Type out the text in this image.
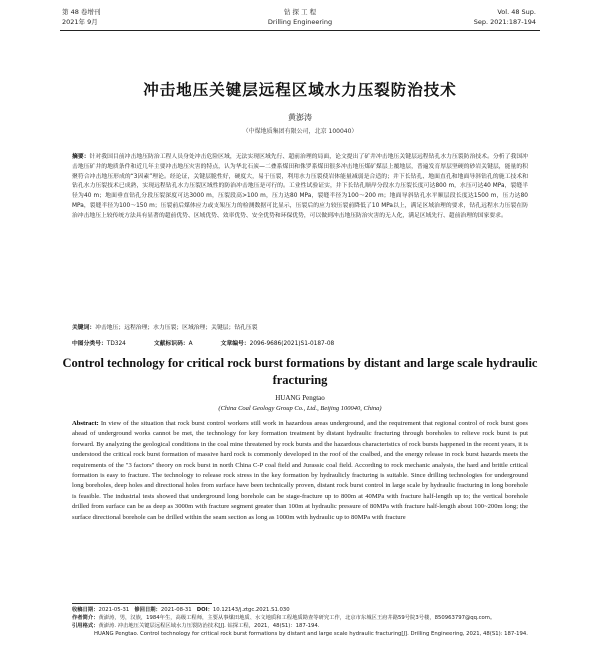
第 48 卷增刊
2021年 9月
钻 探 工 程
Drilling Engineering
Vol. 48 Sup.
Sep. 2021:187-194
冲击地压关键层远程区域水力压裂防治技术
黄澎涛
（中煤地质集团有限公司，北京 100040）
摘要：针对我国目前冲击地压防治工程人员身处冲击危险区域，无法实现区域先行、超前治理的局面，论文提出了矿井冲击地压关键层远程钻孔水力压裂防治技术。分析了我国冲击地压矿井的地质条件和近几年主要冲击地压灾害的特点，认为华北石炭—二叠系煤田和侏罗系煤田很多冲击地压煤矿煤层上覆地层，普遍发育厚层坚硬的砂岩关键层，能量的积聚符合冲击地压形成的“3因素”理论。经论证，关键层脆性好，硬度大，易于压裂，利用水力压裂使岩体能量减弱是合适的；井下长钻孔、地面直孔和地面导斜钻孔的施工技术和钻孔水力压裂技术已成熟，实现远程钻孔水力压裂区域性的防治冲击地压是可行的。工业性试验证实，井下长钻孔顺岸分段水力压裂长度可达800 m，水压可达40 MPa，裂缝半径为40 m；地面垂直钻孔分段压裂深度可达3000 m，压裂段高>100 m，压力达80 MPa，裂缝半径为100～200 m；地面导斜钻孔水平顺层段长度达1500 m，压力达80 MPa，裂缝半径为100～150 m；压裂前后煤体应力或支架压力的检测数据可比显示，压裂后的应力较压裂前降低了10 MPa以上，满足区域治理的要求，钻孔远程水力压裂在防治冲击地压上较传统方法具有显著的超前优势、区域优势、效率优势、安全优势和环保优势，可以做到冲击地压防治灾害的无人化，满足区域先行、超前治理的国家要求。
关键词：冲击地压；远程治理；水力压裂；区域治理；关键层；钻孔压裂
中图分类号：TD324	文献标识码：A	文章编号：2096-9686(2021)S1-0187-08
Control technology for critical rock burst formations by distant and large scale hydraulic fracturing
HUANG Pengtao
(China Coal Geology Group Co., Ltd., Beijing 100040, China)
Abstract: In view of the situation that rock burst control workers still work in hazardous areas underground, and the requirement that regional control of rock burst goes ahead of underground works cannot be met, the technology for key formation treatment by distant hydraulic fracturing through boreholes to relieve rock burst is put forward. By analyzing the geological conditions in the coal mine threatened by rock bursts and the hazardous characteristics of rock bursts happened in the recent years, it is understood the critical rock burst formation of massive hard rock is commonly developed in the roof of the coalbed, and the energy release in rock burst hazards meets the requirements of the "3 factors" theory on rock burst in north China C-P coal field and Jurassic coal field. According to rock mechanic analysis, the hard and brittle critical formation is easy to fracture. The technology to release rock stress in the key formation by hydraulicly fracturing is suitable. Since drilling technologies for underground long boreholes, deep holes and directional holes from surface have been technically proven, distant rock burst control in large scale by hydraulic fracturing in long borehole is feasible. The industrial tests showed that underground long borehole can be stage-fracture up to 800m at 40MPa with fracture half-length up to; the vertical borehole drilled from surface can be as deep as 3000m with fracture segment greater than 100m at hydraulic pressure of 80MPa with fracture half-length about 100~200m long; the surface directional borehole can be drilled within the seam section as long as 1000m with hydraulic up to 80MPa with fracture
收稿日期：2021-05-31 修回日期：2021-08-31 DOI：10.12143/j.ztgc.2021.S1.030
作者简介：黄澎涛，男，汉族，1984年生，高级工程师，主要从事煤田地质、水文地质和工程地质勘查等研究工作，北京市东城区王府井路59号院3号楼，850963797@qq.com。
引用格式：黄澎涛. 冲击地压关键层远程区域水力压裂防治技术[J]. 钻探工程，2021，48(S1)：187-194.
HUANG Pengtao. Control technology for critical rock burst formations by distant and large scale hydraulic fracturing[J]. Drilling Engineering, 2021, 48(S1): 187-194.
